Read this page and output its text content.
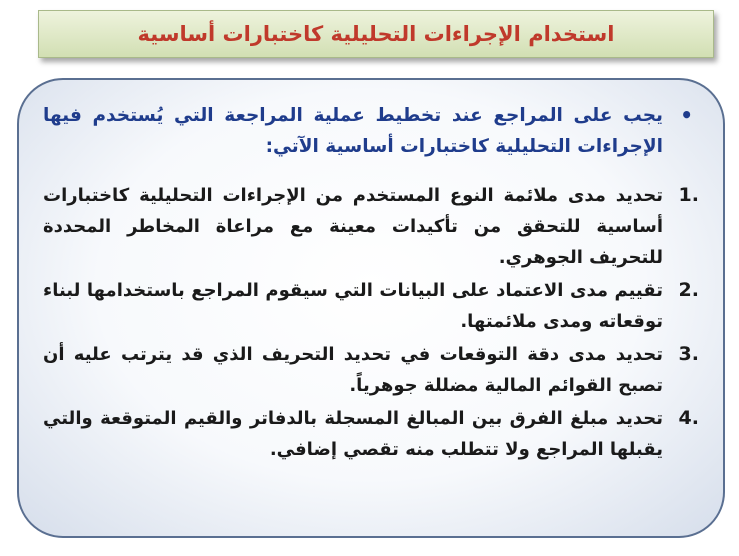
استخدام الإجراءات التحليلية كاختبارات أساسية
•
يجب على المراجع عند تخطيط عملية المراجعة التي يُستخدم فيها الإجراءات التحليلية كاختبارات أساسية الآتي:
1.
تحديد مدى ملائمة النوع المستخدم من الإجراءات التحليلية كاختبارات أساسية للتحقق من تأكيدات معينة مع مراعاة المخاطر المحددة للتحريف الجوهري.
2.
تقييم مدى الاعتماد على البيانات التي سيقوم المراجع باستخدامها لبناء توقعاته ومدى ملائمتها.
3.
تحديد مدى دقة التوقعات في تحديد التحريف الذي قد يترتب عليه أن تصبح القوائم المالية مضللة جوهرياً.
4.
تحديد مبلغ الفرق بين المبالغ المسجلة بالدفاتر والقيم المتوقعة والتي يقبلها المراجع ولا تتطلب منه تقصي إضافي.
